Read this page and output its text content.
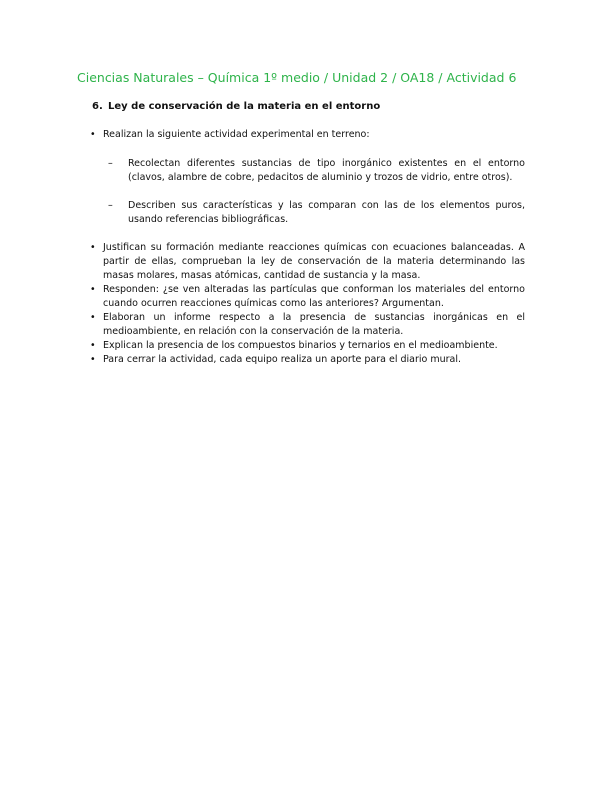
Ciencias Naturales – Química 1º medio / Unidad 2 / OA18 / Actividad 6
6. Ley de conservación de la materia en el entorno
• Realizan la siguiente actividad experimental en terreno:
– Recolectan diferentes sustancias de tipo inorgánico existentes en el entorno (clavos, alambre de cobre, pedacitos de aluminio y trozos de vidrio, entre otros).
– Describen sus características y las comparan con las de los elementos puros, usando referencias bibliográficas.
• Justifican su formación mediante reacciones químicas con ecuaciones balanceadas. A partir de ellas, comprueban la ley de conservación de la materia determinando las masas molares, masas atómicas, cantidad de sustancia y la masa.
• Responden: ¿se ven alteradas las partículas que conforman los materiales del entorno cuando ocurren reacciones químicas como las anteriores? Argumentan.
• Elaboran un informe respecto a la presencia de sustancias inorgánicas en el medioambiente, en relación con la conservación de la materia.
• Explican la presencia de los compuestos binarios y ternarios en el medioambiente.
• Para cerrar la actividad, cada equipo realiza un aporte para el diario mural.
